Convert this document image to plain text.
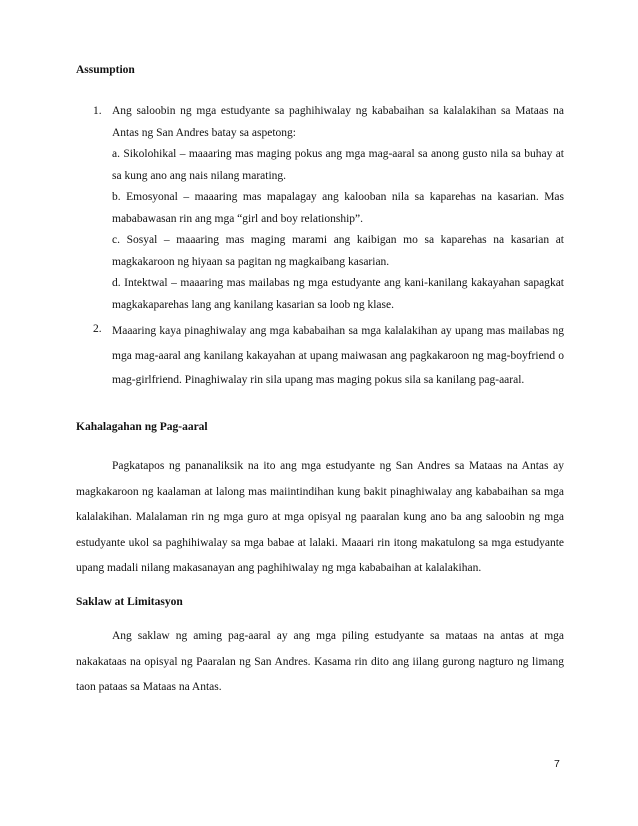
Assumption
1. Ang saloobin ng mga estudyante sa paghihiwalay ng kababaihan sa kalalakihan sa Mataas na Antas ng San Andres batay sa aspetong:

a. Sikolohikal – maaaring mas maging pokus ang mga mag-aaral sa anong gusto nila sa buhay at sa kung ano ang nais nilang marating.

b. Emosyonal – maaaring mas mapalagay ang kalooban nila sa kaparehas na kasarian. Mas mababawasan rin ang mga “girl and boy relationship”.

c. Sosyal – maaaring mas maging marami ang kaibigan mo sa kaparehas na kasarian at magkakaroon ng hiyaan sa pagitan ng magkaibang kasarian.

d. Intektwal – maaaring mas mailabas ng mga estudyante ang kani-kanilang kakayahan sapagkat magkakaparehas lang ang kanilang kasarian sa loob ng klase.

2. Maaaring kaya pinaghiwalay ang mga kababaihan sa mga kalalakihan ay upang mas mailabas ng mga mag-aaral ang kanilang kakayahan at upang maiwasan ang pagkakaroon ng mag-boyfriend o mag-girlfriend. Pinaghiwalay rin sila upang mas maging pokus sila sa kanilang pag-aaral.

Kahalagahan ng Pag-aaral

Pagkatapos ng pananaliksik na ito ang mga estudyante ng San Andres sa Mataas na Antas ay magkakaroon ng kaalaman at lalong mas maiintindihan kung bakit pinaghiwalay ang kababaihan sa mga kalalakihan. Malalaman rin ng mga guro at mga opisyal ng paaralan kung ano ba ang saloobin ng mga estudyante ukol sa paghihiwalay sa mga babae at lalaki. Maaari rin itong makatulong sa mga estudyante upang madali nilang makasanayan ang paghihiwalay ng mga kababaihan at kalalakihan.

Saklaw at Limitasyon

Ang saklaw ng aming pag-aaral ay ang mga piling estudyante sa mataas na antas at mga nakakataas na opisyal ng Paaralan ng San Andres. Kasama rin dito ang iilang gurong nagturo ng limang taon pataas sa Mataas na Antas.

7
